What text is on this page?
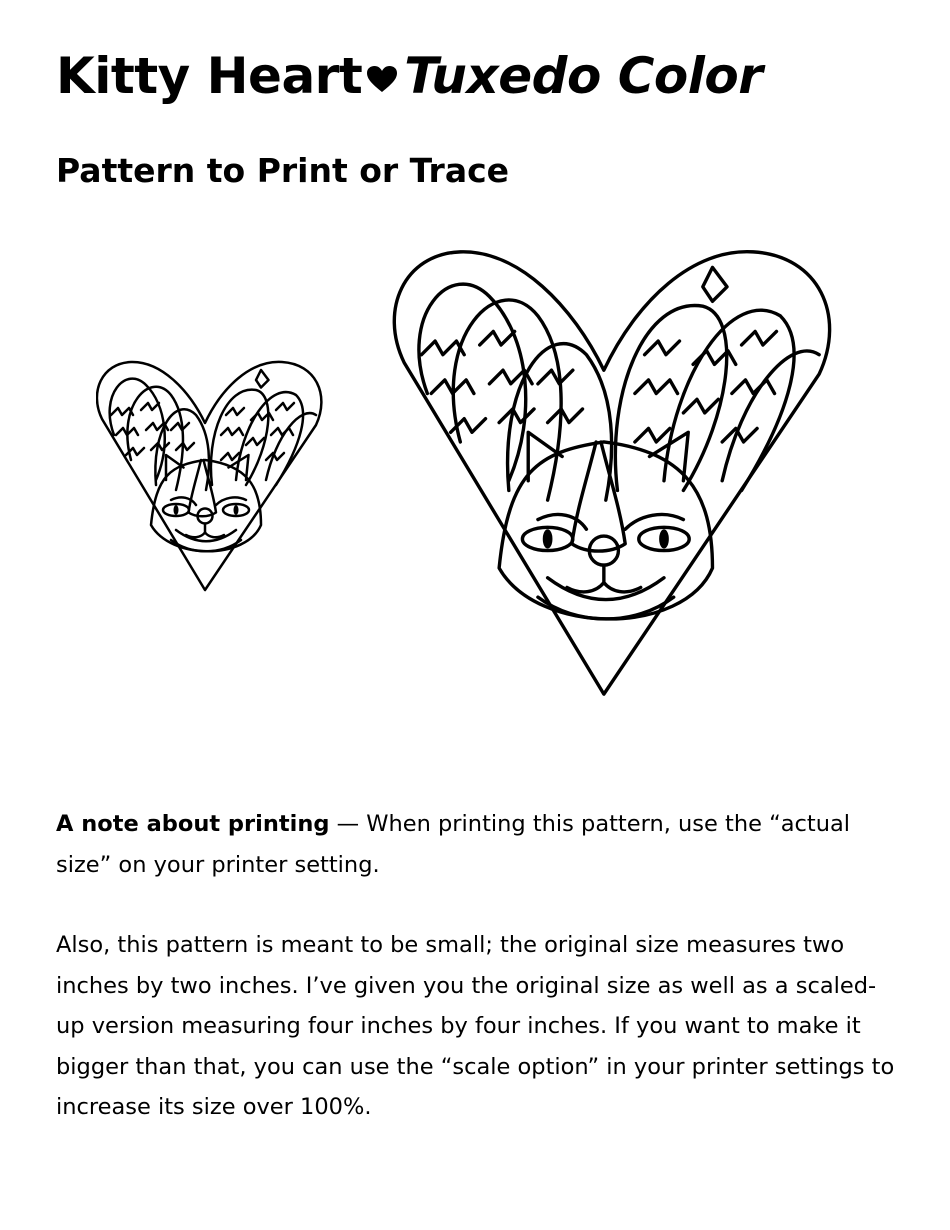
Kitty Heart Tuxedo Color
Pattern to Print or Trace

A note about printing — When printing this pattern, use the “actual size” on your printer setting.

Also, this pattern is meant to be small; the original size measures two inches by two inches. I’ve given you the original size as well as a scaled-up version measuring four inches by four inches. If you want to make it bigger than that, you can use the “scale option” in your printer settings to increase its size over 100%.
